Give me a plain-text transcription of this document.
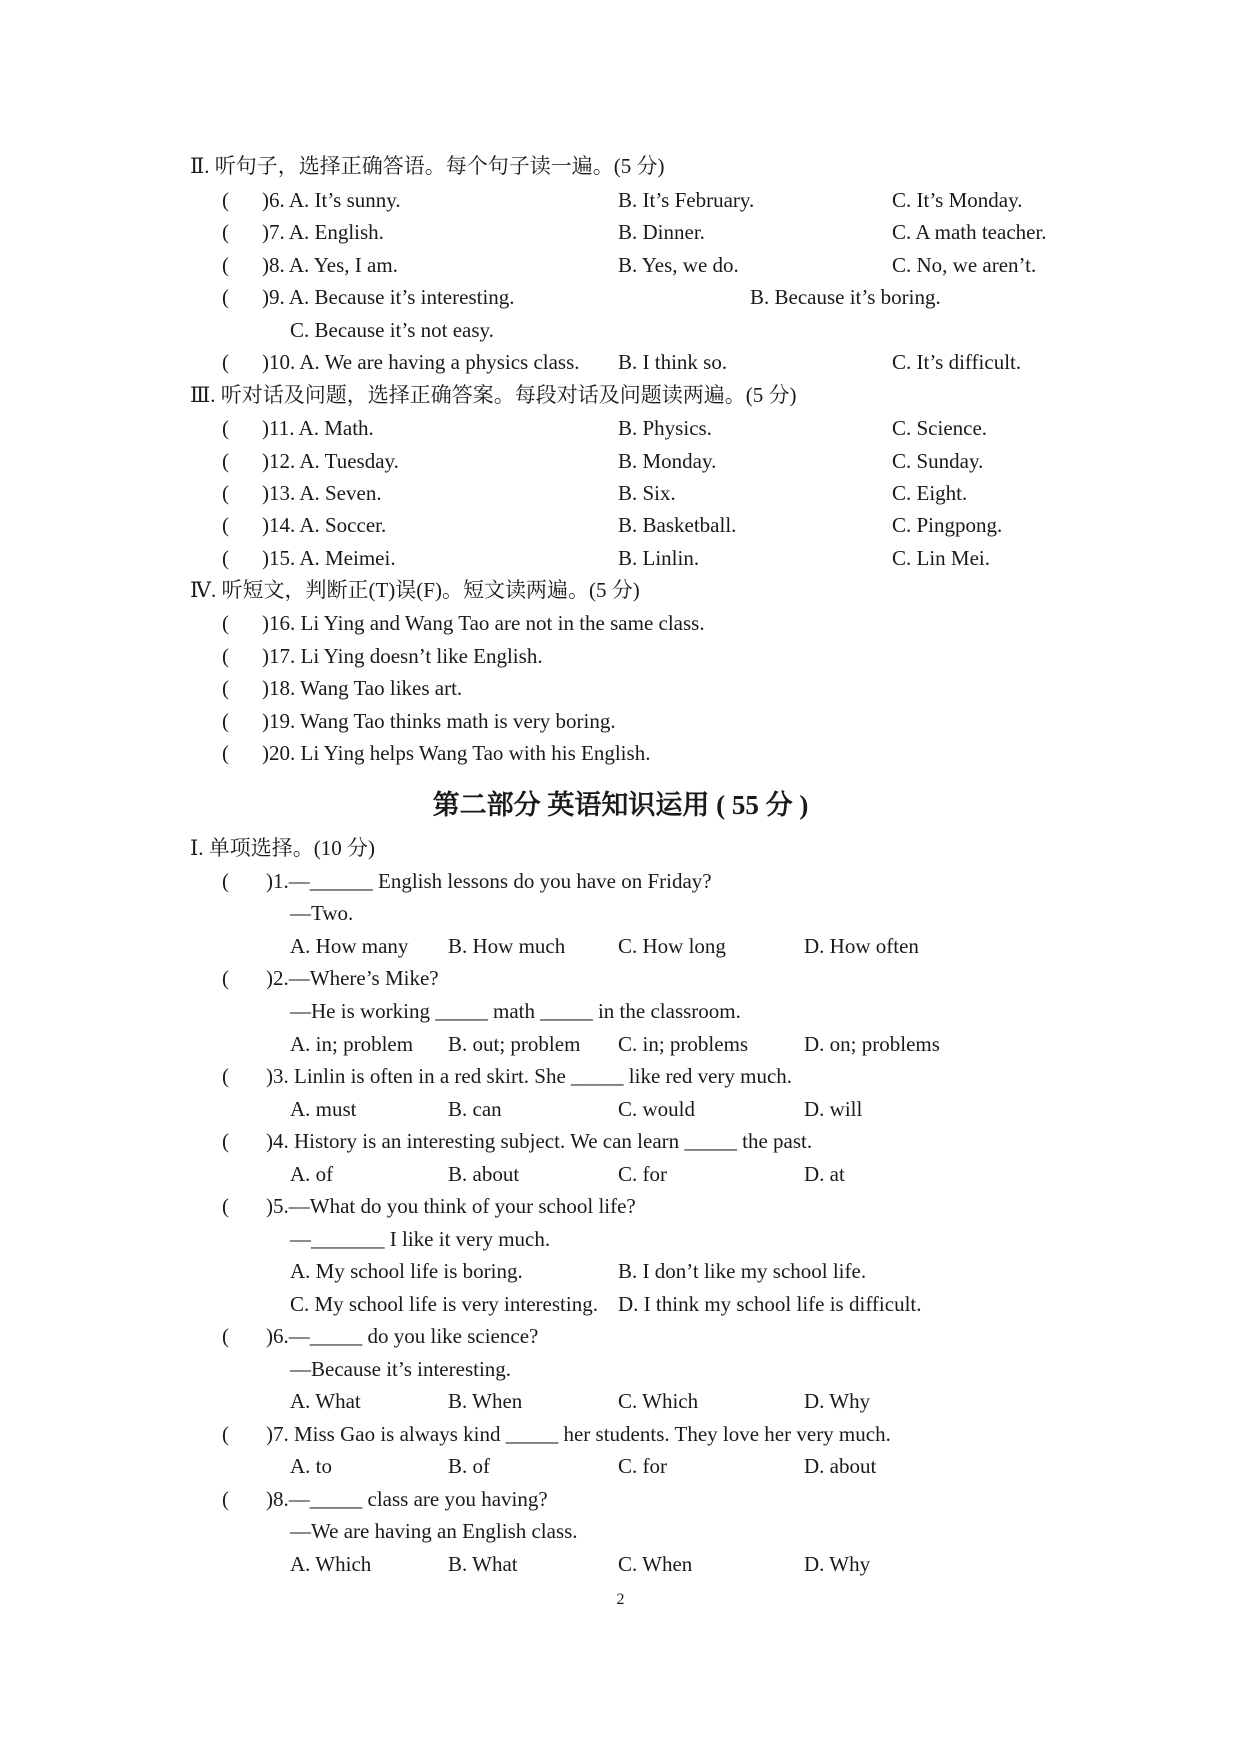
Ⅱ. 听句子，选择正确答语。每个句子读一遍。(5 分)
( )6. A. It’s sunny.	B. It’s February.	C. It’s Monday.
( )7. A. English.	B. Dinner.	C. A math teacher.
( )8. A. Yes, I am.	B. Yes, we do.	C. No, we aren’t.
( )9. A. Because it’s interesting.	B. Because it’s boring.
C. Because it’s not easy.
( )10. A. We are having a physics class. B. I think so.	C. It’s difficult.
Ⅲ. 听对话及问题，选择正确答案。每段对话及问题读两遍。(5 分)
( )11. A. Math.	B. Physics.	C. Science.
( )12. A. Tuesday.	B. Monday.	C. Sunday.
( )13. A. Seven.	B. Six.	C. Eight.
( )14. A. Soccer.	B. Basketball.	C. Pingpong.
( )15. A. Meimei.	B. Linlin.	C. Lin Mei.
Ⅳ. 听短文，判断正(T)误(F)。短文读两遍。(5 分)
( )16. Li Ying and Wang Tao are not in the same class.
( )17. Li Ying doesn’t like English.
( )18. Wang Tao likes art.
( )19. Wang Tao thinks math is very boring.
( )20. Li Ying helps Wang Tao with his English.
第二部分 英语知识运用 ( 55 分 )
Ⅰ. 单项选择。(10 分)
( )1.—______ English lessons do you have on Friday?
—Two.
A. How many B. How much	C. How long	D. How often
( )2.—Where’s Mike?
—He is working _____ math _____ in the classroom.
A. in; problem B. out; problem C. in; problems	D. on; problems
( )3. Linlin is often in a red skirt. She _____ like red very much.
A. must	B. can	C. would	D. will
( )4. History is an interesting subject. We can learn _____ the past.
A. of	B. about	C. for	D. at
( )5.—What do you think of your school life?
—_______ I like it very much.
A. My school life is boring.	B. I don’t like my school life.
C. My school life is very interesting. D. I think my school life is difficult.
( )6.—_____ do you like science?
—Because it’s interesting.
A. What	B. When	C. Which	D. Why
( )7. Miss Gao is always kind _____ her students. They love her very much.
A. to	B. of	C. for	D. about
( )8.—_____ class are you having?
—We are having an English class.
A. Which	B. What	C. When	D. Why
2
